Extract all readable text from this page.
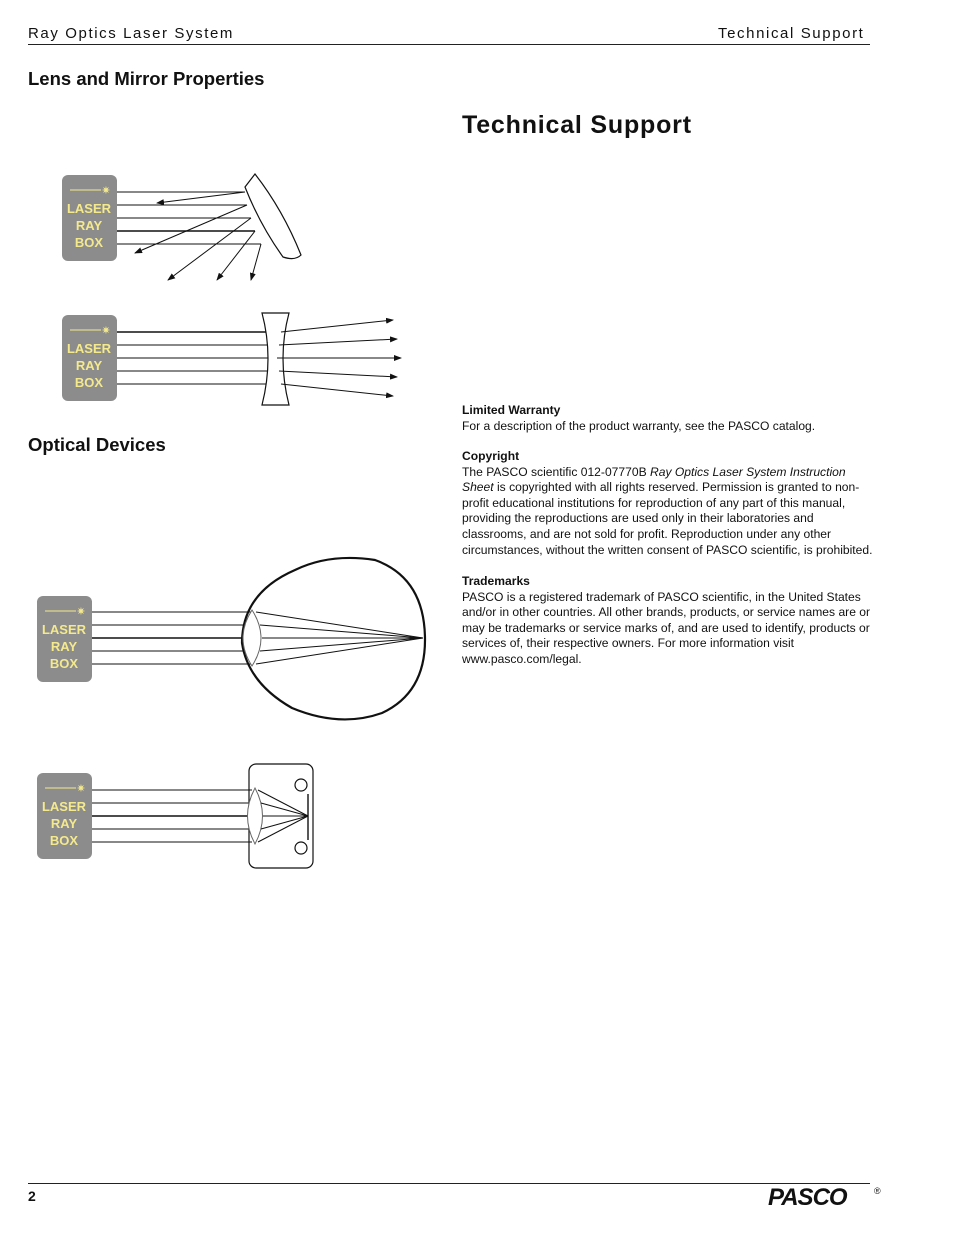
Ray Optics Laser System	Technical Support
Lens and Mirror Properties
Optical Devices
✷
LASER
RAY
BOX
✷
LASER
RAY
BOX
✷
LASER
RAY
BOX
✷
LASER
RAY
BOX
Technical Support
Limited Warranty

For a description of the product warranty, see the PASCO catalog.

Copyright

The PASCO scientific 012-07770B Ray Optics Laser System Instruction Sheet is copyrighted with all rights reserved. Permission is granted to non-profit educational institutions for reproduction of any part of this manual, providing the reproductions are used only in their laboratories and classrooms, and are not sold for profit. Reproduction under any other circumstances, without the written consent of PASCO scientific, is prohibited.

Trademarks

PASCO is a registered trademark of PASCO scientific, in the United States and/or in other countries. All other brands, products, or service names are or may be trademarks or service marks of, and are used to identify, products or services of, their respective owners. For more information visit www.pasco.com/legal.

2	PASCO	®
